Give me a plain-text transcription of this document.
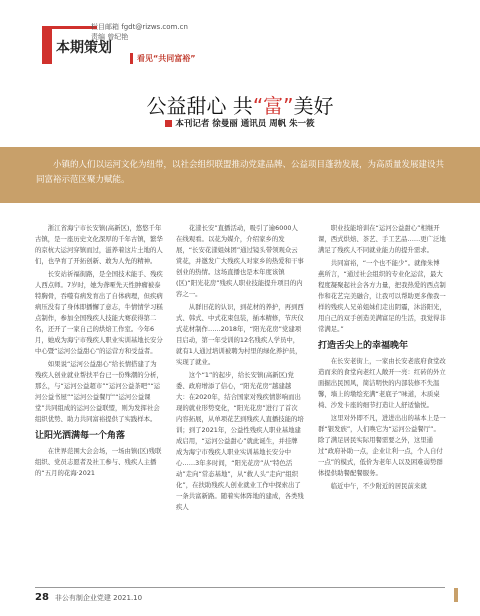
栏目邮箱 fgdt@rizws.com.cn
责编 曾纪艳
本期策划
看见“共同富裕”
公益甜心 共“富”美好
本刊记者 徐曼丽 通讯员 周帆 朱一筱

小镇的人们以运河文化为纽带，以社会组织联盟推动党建品牌、公益项目蓬勃发展，为高质量发展建设共同富裕示范区聚力赋能。

浙江省海宁市长安镇(高新区)，悠悠千年古镇，是一座历史文化深厚的千年古镇，繁华的京杭大运河穿镇而过，滋养着这片土地的人们，也孕育了开拓创新、敢为人先的精神。

长安站祈福街路，是全国技术能手、残疾人西点师。7岁时，她为聋哑先天性肿瘤被泰特胸骨，吞噬有病发育出了自体病理，但疾病病压没有了身体即播懈了意志，牛情情学习糕点制作，参加全国残疾人技能大赛获得第二名，还开了一家自己的烘焙工作室。今年6月，她成为海宁市残疾人职业实训基地长安分中心暨“运河公益甜心”的运营方和受益者。

如果说“运河公益甜心”给长情搭建了为残疾人创业就业帮扶平台已一份殊潮的分析，那么，与“运河公益超市”“运河公益茶吧”“运河公益书屋”“运河公益餐厅”“运河公益课堂”共同组成的运河公益联盟，则为发挥社会组织优势、助力共同富裕提供了实践样本。

让阳光洒满每一个角落

在世界范围大会会场，一场由镇(区)残联组织、党员志愿者及社工参与、残疾人主播的“五月的花海·2021

花漾长安”直播活动，吸引了逾6000人在线观看。以花为媒介，介绍家乡的发展，“长安花漾姐妹团”通过镜头带领观众云赏花，并邀发广大残疾人对家乡的热爱和干事创业的热情。这场直播也是本年度该镇(区)“阳光花房”残疾人职业技能提升项目的内容之一。

从群旧花的认识，到花材的养护，再到西式、韩式、中式花束包装，插本精修，节庆仪式花材制作……2018年，“阳光花房”党建项目启动，第一年受训的12名残疾人学员中，就有1人通过培训被聘为村里的绿化养护员，实现了就业。

这个“1”的起步，给长安镇(高新区)党委、政府增添了信心，“阳光花房”越建越大：在2020年，结合国家对残疾情影响而出现的就业形势变化，“阳光花房”进行了首次内容拓展，从单项花艺到残疾人直播技能的培训；到了2021年，公益性残疾人职业基地建成启用，“运河公益甜心”就此诞生，并挂牌成为海宁市残疾人职业实训基地长安分中心……3年多时间，“阳光花房”从“特色活动”走向“常态基地”，从“救人头”走向“组织化”，在扶助残疾人创业就业工作中探索出了一条共富新路。随着实体阵地的建成，各类残疾人

职业技能培训在“运河公益甜心”相继开课，西式烘焙、茶艺、手工艺品……更广泛地满足了残疾人不同就业能力的提升需求。

共同富裕，“一个也不能少”。就像朱博燕所言，“通过社会组织的专业化运营，最大程度凝聚起社会各方力量，把我热爱的西点制作和花艺完美融合，让我可以帮助更多像我一样的残疾人兄弟姐妹们走出阴霾，沐浴阳光，用自己的双手创造美满富足的生活，我觉得非常满足。”

打造舌尖上的幸福晚年

在长安老街上，一家由长安老底府食堂改造而来的食堂向老红人敞开一亮：红砖的外立面掘出民国风，简洁明快的内部装修不失温馨，墙上的墩绘充满“老底子”味道，木质桌椅、沙发卡座的细节打造让人舒适愉悦。

这里对外即不凡，进进出出的基本上是一群“银发族”，人们唤它为“运河公益餐厅”。除了满足居民实际用餐需要之外，这里通过“政府补助一点，企业让利一点，个人自付一点”的模式，低价为老年人以及困难弱势群体提供助餐配餐服务。

临近中午，不少附近的居民前来就

28 非公有制企业党建 2021.10
